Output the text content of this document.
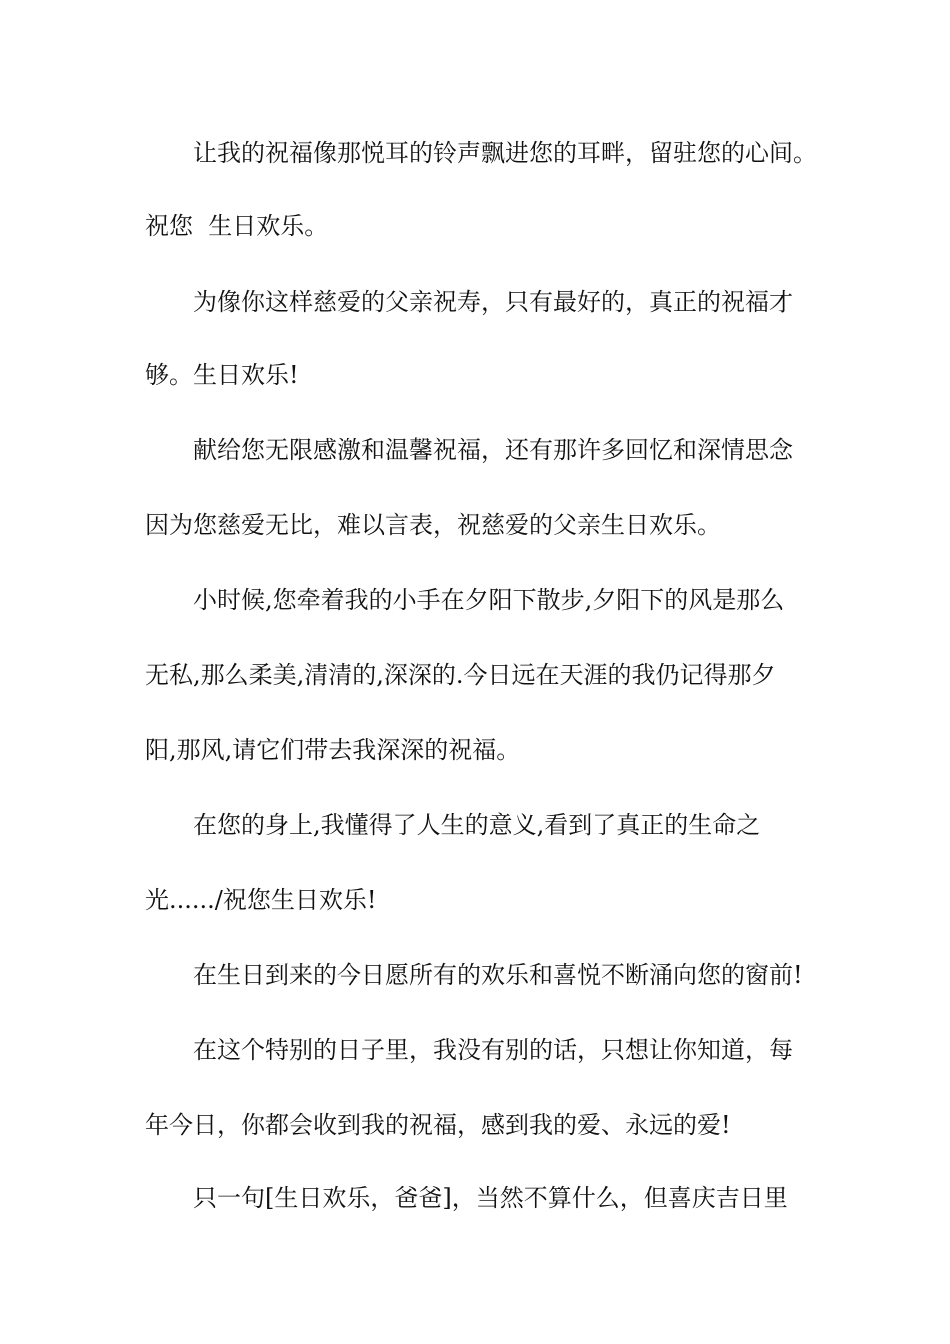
让我的祝福像那悦耳的铃声飘进您的耳畔，留驻您的心间。
祝您  生日欢乐。
为像你这样慈爱的父亲祝寿，只有最好的，真正的祝福才
够。生日欢乐!
献给您无限感激和温馨祝福，还有那许多回忆和深情思念
因为您慈爱无比，难以言表，祝慈爱的父亲生日欢乐。
小时候,您牵着我的小手在夕阳下散步,夕阳下的风是那么
无私,那么柔美,清清的,深深的.今日远在天涯的我仍记得那夕
阳,那风,请它们带去我深深的祝福。
在您的身上,我懂得了人生的意义,看到了真正的生命之
光....../祝您生日欢乐!
在生日到来的今日愿所有的欢乐和喜悦不断涌向您的窗前!
在这个特别的日子里，我没有别的话，只想让你知道，每
年今日，你都会收到我的祝福，感到我的爱、永远的爱!
只一句[生日欢乐，爸爸]，当然不算什么，但喜庆吉日里
